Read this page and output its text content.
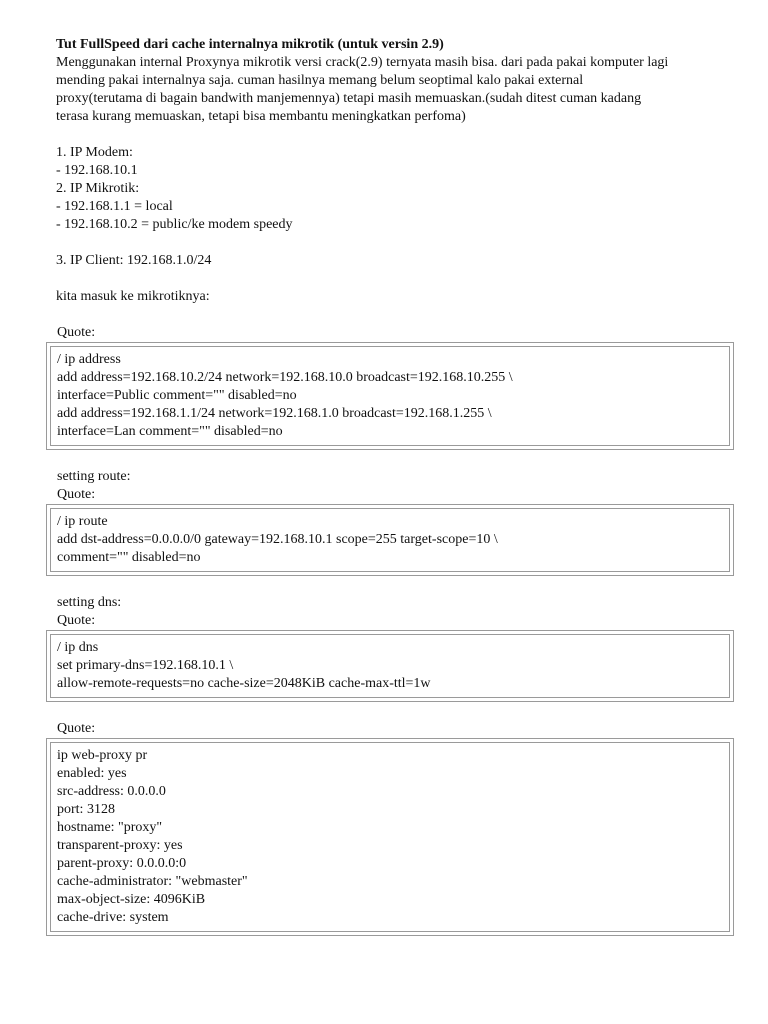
Tut FullSpeed dari cache internalnya mikrotik (untuk versin 2.9)

Menggunakan internal Proxynya mikrotik versi crack(2.9) ternyata masih bisa. dari pada pakai komputer lagi

mending pakai internalnya saja. cuman hasilnya memang belum seoptimal kalo pakai external

proxy(terutama di bagain bandwith manjemennya) tetapi masih memuaskan.(sudah ditest cuman kadang

terasa kurang memuaskan, tetapi bisa membantu meningkatkan perfoma)

1. IP Modem:

- 192.168.10.1

2. IP Mikrotik:

- 192.168.1.1 = local

- 192.168.10.2 = public/ke modem speedy

3. IP Client: 192.168.1.0/24

kita masuk ke mikrotiknya:

Quote:

/ ip address

add address=192.168.10.2/24 network=192.168.10.0 broadcast=192.168.10.255 \

interface=Public comment="" disabled=no

add address=192.168.1.1/24 network=192.168.1.0 broadcast=192.168.1.255 \

interface=Lan comment="" disabled=no

setting route:

Quote:

/ ip route

add dst-address=0.0.0.0/0 gateway=192.168.10.1 scope=255 target-scope=10 \

comment="" disabled=no

setting dns:

Quote:

/ ip dns

set primary-dns=192.168.10.1 \

allow-remote-requests=no cache-size=2048KiB cache-max-ttl=1w

Quote:

ip web-proxy pr

enabled: yes

src-address: 0.0.0.0

port: 3128

hostname: "proxy"

transparent-proxy: yes

parent-proxy: 0.0.0.0:0

cache-administrator: "webmaster"

max-object-size: 4096KiB

cache-drive: system
